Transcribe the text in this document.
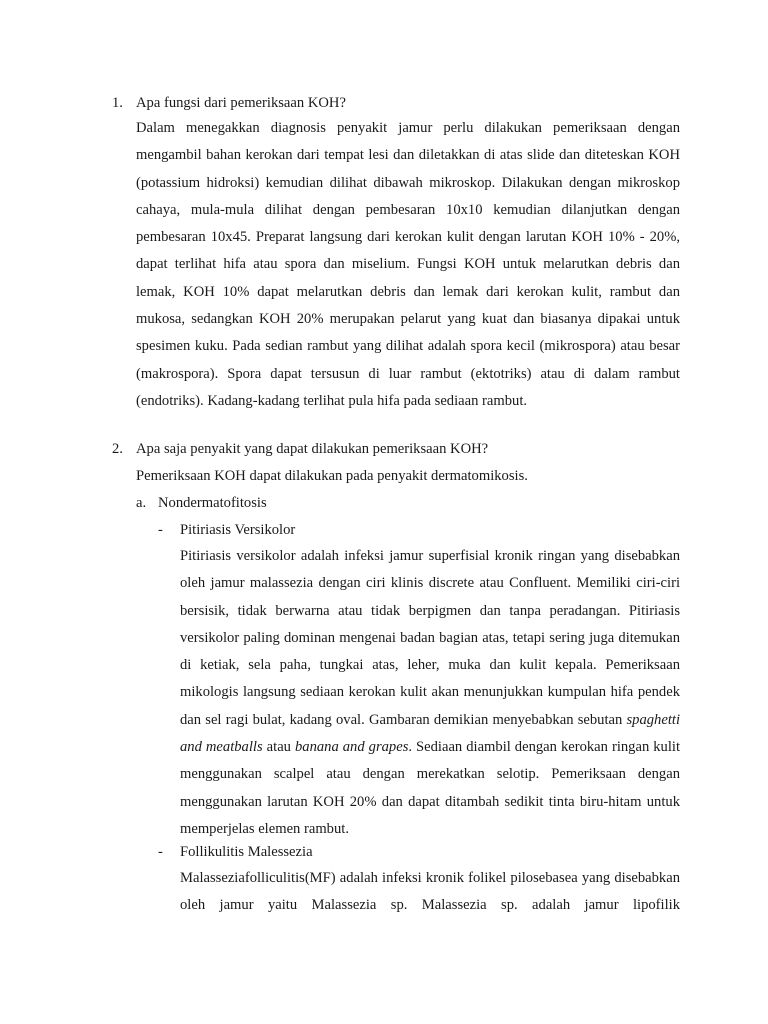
1. Apa fungsi dari pemeriksaan KOH?

Dalam menegakkan diagnosis penyakit jamur perlu dilakukan pemeriksaan dengan mengambil bahan kerokan dari tempat lesi dan diletakkan di atas slide dan diteteskan KOH (potassium hidroksi) kemudian dilihat dibawah mikroskop. Dilakukan dengan mikroskop cahaya, mula-mula dilihat dengan pembesaran 10x10 kemudian dilanjutkan dengan pembesaran 10x45. Preparat langsung dari kerokan kulit dengan larutan KOH 10% - 20%, dapat terlihat hifa atau spora dan miselium. Fungsi KOH untuk melarutkan debris dan lemak, KOH 10% dapat melarutkan debris dan lemak dari kerokan kulit, rambut dan mukosa, sedangkan KOH 20% merupakan pelarut yang kuat dan biasanya dipakai untuk spesimen kuku. Pada sedian rambut yang dilihat adalah spora kecil (mikrospora) atau besar (makrospora). Spora dapat tersusun di luar rambut (ektotriks) atau di dalam rambut (endotriks). Kadang-kadang terlihat pula hifa pada sediaan rambut.

2. Apa saja penyakit yang dapat dilakukan pemeriksaan KOH?
Pemeriksaan KOH dapat dilakukan pada penyakit dermatomikosis.
a. Nondermatofitosis
- Pitiriasis Versikolor

Pitiriasis versikolor adalah infeksi jamur superfisial kronik ringan yang disebabkan oleh jamur malassezia dengan ciri klinis discrete atau Confluent. Memiliki ciri-ciri bersisik, tidak berwarna atau tidak berpigmen dan tanpa peradangan. Pitiriasis versikolor paling dominan mengenai badan bagian atas, tetapi sering juga ditemukan di ketiak, sela paha, tungkai atas, leher, muka dan kulit kepala. Pemeriksaan mikologis langsung sediaan kerokan kulit akan menunjukkan kumpulan hifa pendek dan sel ragi bulat, kadang oval. Gambaran demikian menyebabkan sebutan spaghetti and meatballs atau banana and grapes. Sediaan diambil dengan kerokan ringan kulit menggunakan scalpel atau dengan merekatkan selotip. Pemeriksaan dengan menggunakan larutan KOH 20% dan dapat ditambah sedikit tinta biru-hitam untuk memperjelas elemen rambut.

- Follikulitis Malessezia

Malasseziafolliculitis(MF) adalah infeksi kronik folikel pilosebasea yang disebabkan oleh jamur yaitu Malassezia sp. Malassezia sp. adalah jamur lipofilik
